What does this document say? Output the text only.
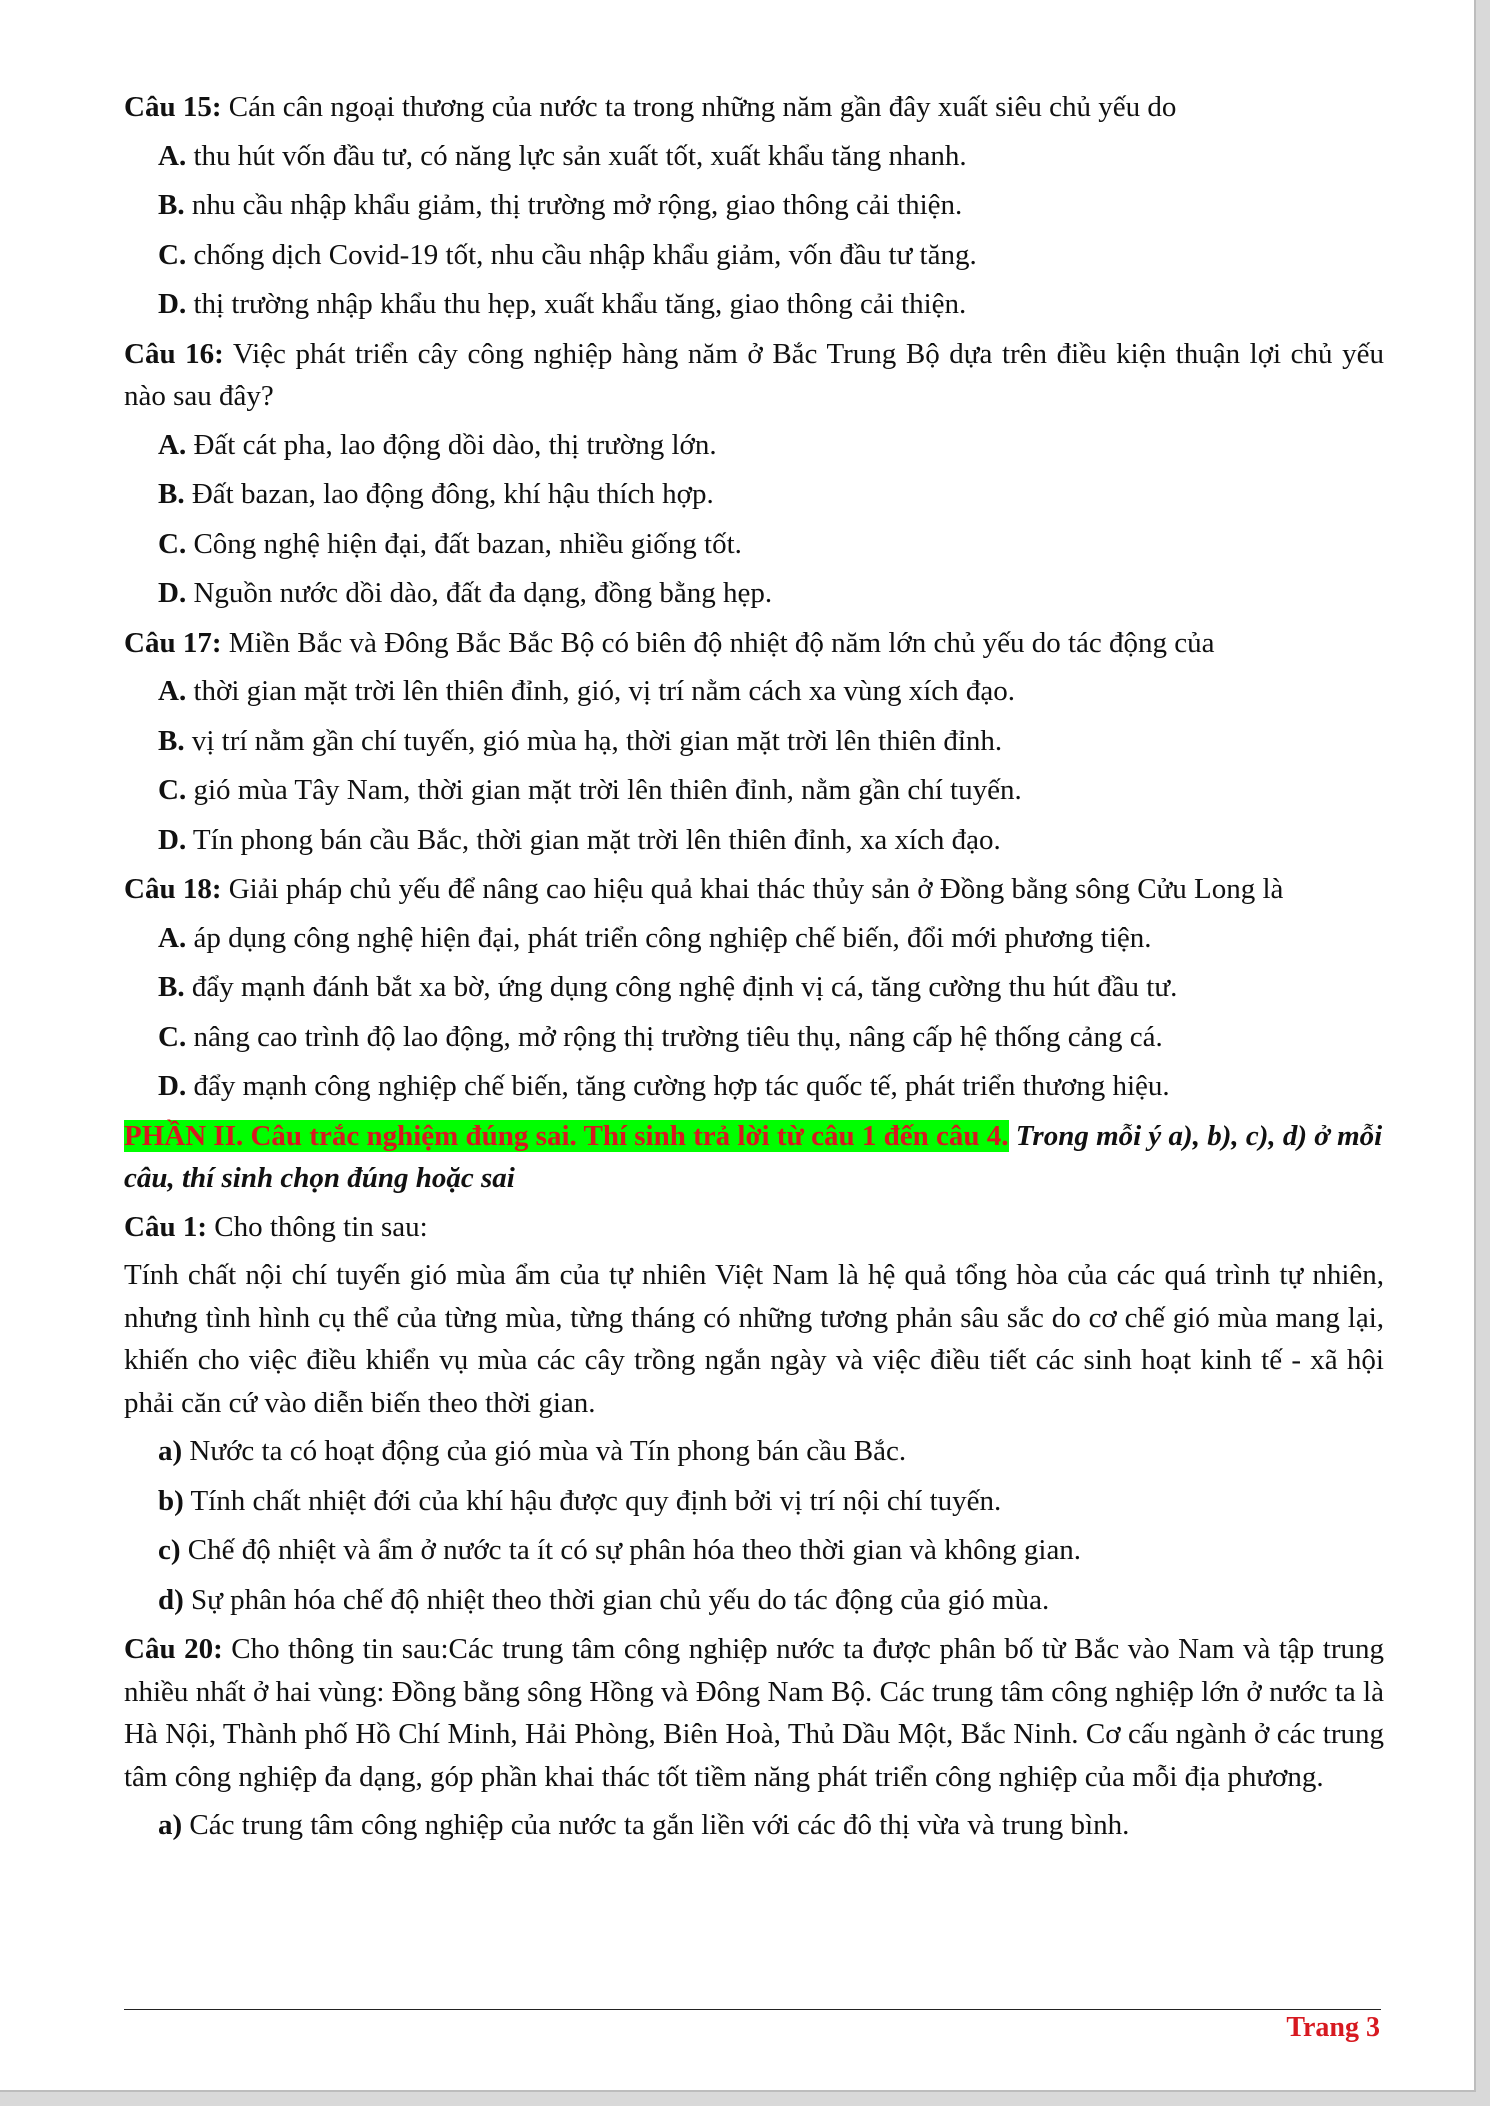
Câu 15: Cán cân ngoại thương của nước ta trong những năm gần đây xuất siêu chủ yếu do

A. thu hút vốn đầu tư, có năng lực sản xuất tốt, xuất khẩu tăng nhanh.

B. nhu cầu nhập khẩu giảm, thị trường mở rộng, giao thông cải thiện.

C. chống dịch Covid-19 tốt, nhu cầu nhập khẩu giảm, vốn đầu tư tăng.

D. thị trường nhập khẩu thu hẹp, xuất khẩu tăng, giao thông cải thiện.

Câu 16: Việc phát triển cây công nghiệp hàng năm ở Bắc Trung Bộ dựa trên điều kiện thuận lợi chủ yếu nào sau đây?

A. Đất cát pha, lao động dồi dào, thị trường lớn.

B. Đất bazan, lao động đông, khí hậu thích hợp.

C. Công nghệ hiện đại, đất bazan, nhiều giống tốt.

D. Nguồn nước dồi dào, đất đa dạng, đồng bằng hẹp.

Câu 17: Miền Bắc và Đông Bắc Bắc Bộ có biên độ nhiệt độ năm lớn chủ yếu do tác động của

A. thời gian mặt trời lên thiên đỉnh, gió, vị trí nằm cách xa vùng xích đạo.

B. vị trí nằm gần chí tuyến, gió mùa hạ, thời gian mặt trời lên thiên đỉnh.

C. gió mùa Tây Nam, thời gian mặt trời lên thiên đỉnh, nằm gần chí tuyến.

D. Tín phong bán cầu Bắc, thời gian mặt trời lên thiên đỉnh, xa xích đạo.

Câu 18: Giải pháp chủ yếu để nâng cao hiệu quả khai thác thủy sản ở Đồng bằng sông Cửu Long là

A. áp dụng công nghệ hiện đại, phát triển công nghiệp chế biến, đổi mới phương tiện.

B. đẩy mạnh đánh bắt xa bờ, ứng dụng công nghệ định vị cá, tăng cường thu hút đầu tư.

C. nâng cao trình độ lao động, mở rộng thị trường tiêu thụ, nâng cấp hệ thống cảng cá.

D. đẩy mạnh công nghiệp chế biến, tăng cường hợp tác quốc tế, phát triển thương hiệu.

PHẦN II. Câu trắc nghiệm đúng sai. Thí sinh trả lời từ câu 1 đến câu 4. Trong mỗi ý a), b), c), d) ở mỗi câu, thí sinh chọn đúng hoặc sai

Câu 1: Cho thông tin sau:

Tính chất nội chí tuyến gió mùa ẩm của tự nhiên Việt Nam là hệ quả tổng hòa của các quá trình tự nhiên, nhưng tình hình cụ thể của từng mùa, từng tháng có những tương phản sâu sắc do cơ chế gió mùa mang lại, khiến cho việc điều khiển vụ mùa các cây trồng ngắn ngày và việc điều tiết các sinh hoạt kinh tế - xã hội phải căn cứ vào diễn biến theo thời gian.

a) Nước ta có hoạt động của gió mùa và Tín phong bán cầu Bắc.

b) Tính chất nhiệt đới của khí hậu được quy định bởi vị trí nội chí tuyến.

c) Chế độ nhiệt và ẩm ở nước ta ít có sự phân hóa theo thời gian và không gian.

d) Sự phân hóa chế độ nhiệt theo thời gian chủ yếu do tác động của gió mùa.

Câu 20: Cho thông tin sau:Các trung tâm công nghiệp nước ta được phân bố từ Bắc vào Nam và tập trung nhiều nhất ở hai vùng: Đồng bằng sông Hồng và Đông Nam Bộ. Các trung tâm công nghiệp lớn ở nước ta là Hà Nội, Thành phố Hồ Chí Minh, Hải Phòng, Biên Hoà, Thủ Dầu Một, Bắc Ninh. Cơ cấu ngành ở các trung tâm công nghiệp đa dạng, góp phần khai thác tốt tiềm năng phát triển công nghiệp của mỗi địa phương.

a) Các trung tâm công nghiệp của nước ta gắn liền với các đô thị vừa và trung bình.

Trang 3
